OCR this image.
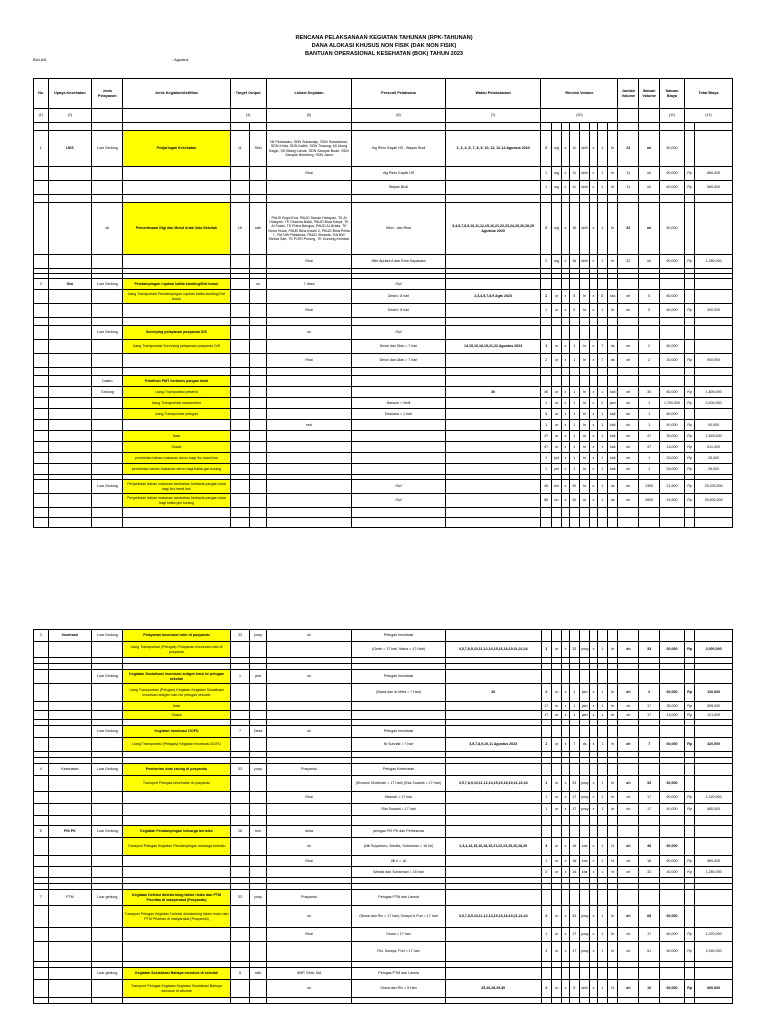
RENCANA PELAKSANAAN KEGIATAN TAHUNAN (RPK-TAHUNAN)
DANA ALOKASI KHUSUS NON FISIK (DAK NON FISIK)
BANTUAN OPERASIONAL KESEHATAN (BOK) TAHUN 2023
BULAN	: Agustus
No	Upaya Kesehatan	Jenis Pelayanan	Jenis Kegiatan/Aktifitas	Target Output		Lokasi Kegiatan	Personil Pelaksana	Waktu Pelaksanaan	Rincian Volume								Jumlah Volume	Satuan Volume	Satuan Biaya	Total Biaya	
(1)	(2)			(4)		(5)	(6)	(7)	(10)										(11)	(12)	

1	UKS	Luar Gedung	Penjaringan Kesehatan	11	Sklh	MI Pedauaku, SDN Sukamaju, SDN Sukadamai, SDN Krida, SDN Kallet, SDN Tinaung, MI Ulong Bagin, SD Biang Lamar, SDN Sampar Buah, SDN Sampar Bomberg, SDN Jamu	drg Rinin Kayati HS , Wayan Budi	2, 3, 4, 5, 7, 8, 9, 10, 11, 12-14 Agustus 2023	2	org	x	11	sklh	x	1	hr	22	oh	60,000		
						Real	drg Rinin Kayati HS		1	org	x	11	sklh	x	1	hr	11	oh	60,000	Rp	660,000
							Wayan Budi		1	org	x	11	sklh	x	1	hr	11	oh	60,000	Rp	660,000

		oh	Pemeriksaan Gigi dan Mulut Anak Usia Sekolah	16	sklh	PAUD Buya Ena, PAUD Taman Harapan, TK Al Hidayah, TK Dharma Bakti, PAUD Bina Karya, TK Al Falah, TK Putra Bangsa, PAUD Al-Ikhlas, TK Nurul Huda, PAUD Bina Insani 2, PAUD Bina Pelita I , RA NW Pablanda, PAUD Siwarde, RA NW Mekar Sari, TK PGRI Perung, TK Gunung Kembar	Wiwi , dan Rina	3,4,5,7,8,9,10,11,12,15,16,21,22,23,24,25,26,28,29 Agustus 2023	2	org	x	16	sklh	x	1	hr	32	oh	60,000		
						Real	Mitri Apriani A dan Ema Sayasasa		2	org	x	16	sklh	x	1	hr	32	oh	60,000	Rp	1,280,000

2	Gizi	Luar Gedung	Pendampingan rujukan balita stunting/Gizi buruk		oh	7 desa	Gizi														
			Uang Transportasi Pendampingan rujukan balita stunting/Gizi buruk				Desni= 8 hari	2,3,4,5,7,8,9 Agts 2023	1	or	x	5	hr	x	5	kss	oh	5	60,000		
						Real	Desni= 8 hari		1	or	x	5	hr	x	1	hr	oh	5	60,000	Rp	300,000

		Luar Gedung	Surveying pelayanan posyandu D/S			oh	Gizi														
			Uang Transportasi Surveying pelayanan posyandu D/S				Desni dan Dian = 7 hari	14,15,16,18,19,21,22 Agustus 2023	1	or	x	1	hr	x	7	ds	oh	2	60,000		
						Real	Desni dan Dian = 7 hari		2	or	x	1	hr	x	7	ds	oh	2	30,000	Rp	900,000

		Dalam	Pelatihan PMT berbasis pangan lokal																		
		Gedung	Uang Transportasi peserta					30	45	or	x	1	hr	x	1	kali	oh	30	60,000	Rp	1,800,000
			Uang Transportasi narasumber				Narsum = Nelli		1	or	x	1	hr	x	2	jam	oh	1	1,700,000	Rp	3,400,000
			Uang Transportasi petugas				Desi/ana = 1 hari		1	or	x	1	hr	x	1	kali	oh	1	60,000		
						real			1	or	x	1	hr	x	1	kali	oh	1	40,000	Rp	40,000
			Nasi						47	or	x	1	hr	x	1	kali	oh	47	35,000	Rp	1,645,000
			Snack						47	or	x	1	hr	x	1	kali	oh	47	13,000	Rp	611,000
			pembelian bahan makanan demo bagi ibu hamil kek						1	pkt	x	1	hr	x	1	kali	oh	1	25,000	Rp	25,000
			pemberian bahan makanan demo bagi balita gizi kurang						1	pkt	x	1	hr	x	1	kali	oh	1	26,000	Rp	26,000

		Luar Gedung	Penyediaan bahan makanan tambahan berbasis pangan lokal bagi ibu hamil kek				Gizi		45	bm	x	30	hr	x	1	ds	oh	1350	21,500	Rp	29,025,000
			Penyediaan bahan makanan tambahan berbasis pangan lokal bagi balita gizi kurang				Gizi		88	bu	x	30	hr	x	1	ds	oh	2600	16,500	Rp	39,600,000

3	Imunisasi	Luar Gedung	Pelayanan Imunisasi rutin di posyandu	33	posy	oh	Petugas Imunisasi														
			Uang Transportasi (Petugas) Pelayanan Imunisasi rutin di posyandu				(Gede = 17 hari, Maria = 17 Hari)	3,5,7,8,9,10,11,12,14,15,16,18,19,21,22,24	1	or	x	33	posy	x	1	hr	oh	33	60,000	Rp	2,000,000

		Luar Gedung	Kegiatan Sosialisasi imunisasi antigen baru ke petugas sekolah	1	pkrt	oh	Petugas Imunisasi														
			Uang Transportasi (Petugas) Kegiatan Kegiatan Sosialisasi imunisasi antigen baru ke petugas sekolah				(Maria dan di Meta = 7 Hari)	26	2	or	x	1	pkrt	x	1	hr	oh	2	60,000	Rp	120,000
			Nasi						17	or	x	1	pkrt	x	1	hr	oh	17	35,000	Rp	595,000
			Snack						17	or	x	1	pkrt	x	1	hr	oh	17	13,000	Rp	221,000

		Luar Gedung	Kegiatan Imunisasi DOFU	7	Desa	oh	Petugas Imunisasi														
			Uang Transportasi (Petugas) Kegiatan Imunisasi DOFU				Ni Suhriati = 7 hari	3,5,7,8,9,10,11 Agustus 2023	1	or	x	7	ds	x	1	hr	oh	7	60,000	Rp	420,000

4	Kesehatan	Luar Gedung	Pemberian obat cacing di posyandu	33	posy	Posyandu	Petugas Kesehatan														
			Transport Petugas kesehatan di posyandu				(Khusnul Khotimah = 17 Hari) (Eka Susanti = 17 Hari)	3,5,7,8,9,10,11,12,14,15,16,18,19,21,22,24	1	or	x	33	posy	x	1	hr	oh	33	60,000		
						Real	Hasnah = 17 hari		1	or	x	17	posy	x	1	hr	oh	17	60,000	Rp	1,020,000
							Rita Susanti = 17 hari		1	or	x	17	posy	x	1	hr	oh	17	40,000	Rp	680,000

5	PIS PK	Luar Gedung	Kegiatan Pendampingan keluarga berisiko	16	kns	desa	petugas PIS PK dan Perkesmas														
			Transport Petugas Kegiatan Pendampingan keluarga berisiko			oh	(Nili Suyantoro, Wanita, Suharman = 16 hri)	2,3,4,14,15,16,18,19,21,22,23,25,26,28,29	3	or	x	16	kns	x	1	hl	oh	48	60,000		
						Real	Ilili h = 16		1	or	x	16	kns	x	1	hl	oh	16	60,000	Rp	960,000
							Wanita dan Suharman = 16 hari		2	or	x	16	kns	x	1	hl	oh	32	40,000	Rp	1,280,000

7	PTM	Luar gedung	Kegiatan Deteksi dini/skrining faktor risiko dan PTM Prioritas di masyarakat (Posyandu)	33	posy	Posyandu	Petugas PTM dan Lansia														
			Transport Petugas Kegiatan Deteksi dini/skrining faktor risiko dan PTM Prioritas di masyarakat (Posyandu)			oh	(Dewa dan Rin = 17 hari) Suraya & Puri = 17 hari	3,5,7,8,9,10,11,12,14,15,16,18,19,21,22,24	2	or	x	33	posy	x	1	hr	oh	68	60,000		
						Real	Dewa = 17 hari		1	or	x	17	posy	x	1	hr	oh	17	60,000	Rp	1,020,000
							Rin, Suraya, Puri = 17 hari		3	or	x	17	posy	x	1	hr	oh	51	40,000	Rp	2,040,000

		Luar gedung	Kegiatan Sosialisasi Bahaya merokok di sekolah	5	sklh	SMP, SMA, MA	Petugas PTM dan Lansia														
			Transport Petugas Kegiatan Kegiatan Sosialisasi Bahaya merokok di sekolah			oh	Dewa dan Rin = 5 Hari	25,26,28,29,30	2	or	x	5	sklh	x	1	hl	oh	10	60,000	Rp	600,000
